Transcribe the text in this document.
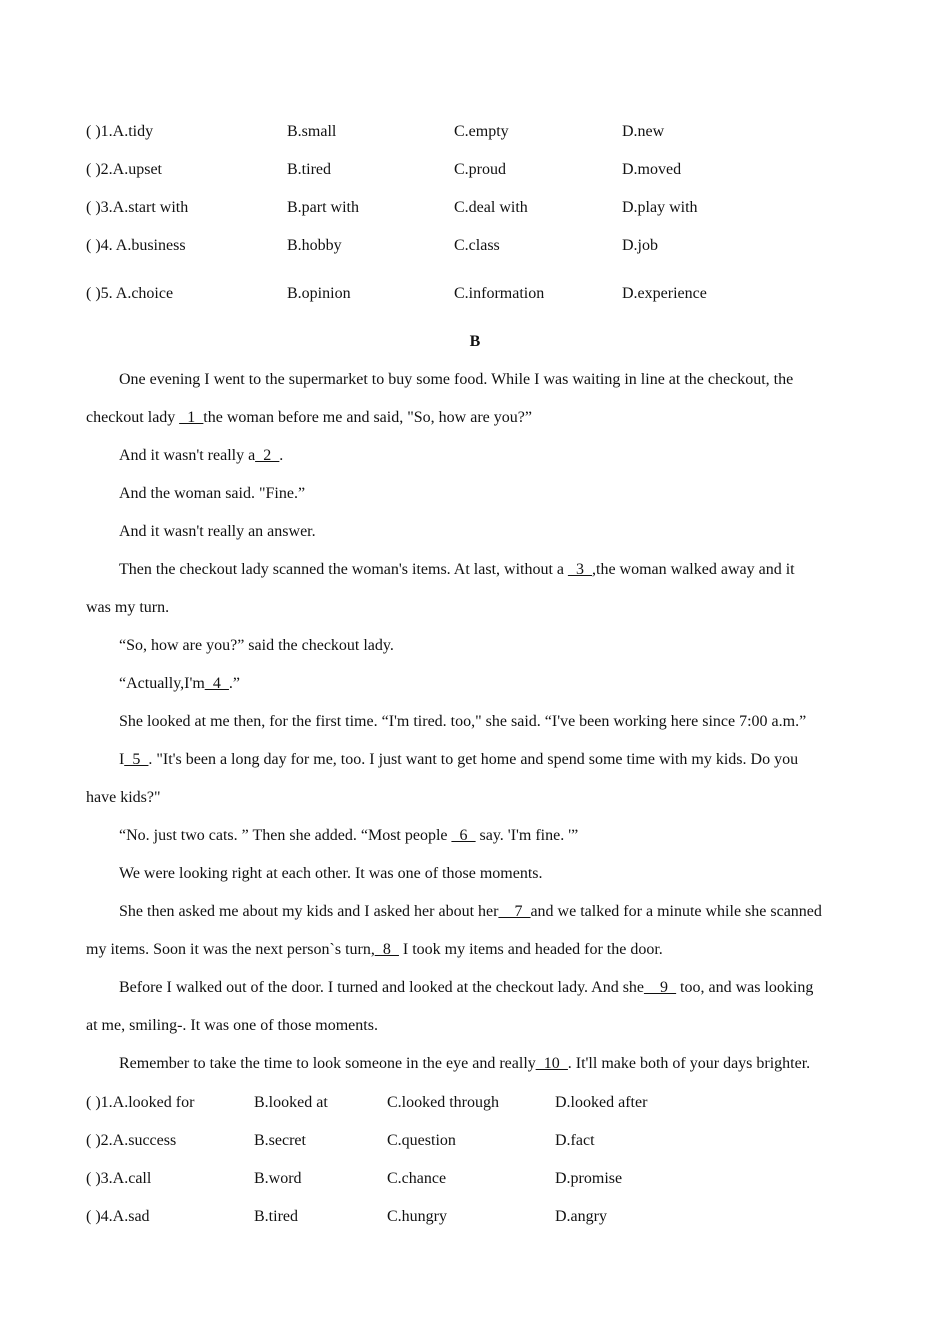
( )1.A.tidy	B.small	C.empty	D.new
( )2.A.upset	B.tired	C.proud	D.moved
( )3.A.start with	B.part with	C.deal with	D.play with
( )4. A.business	B.hobby	C.class	D.job
( )5. A.choice	B.opinion	C.information	D.experience
B
One evening I went to the supermarket to buy some food. While I was waiting in line at the checkout, the
checkout lady _1_the woman before me and said, "So, how are you?”
And it wasn't really a_2_.
And the woman said. "Fine.”
And it wasn't really an answer.
Then the checkout lady scanned the woman's items. At last, without a _3_,the woman walked away and it
was my turn.
“So, how are you?” said the checkout lady.
“Actually,I'm_4_.”
She looked at me then, for the first time. “I'm tired. too," she said. “I've been working here since 7:00 a.m.”
I_5_. "It's been a long day for me, too. I just want to get home and spend some time with my kids. Do you
have kids?"
“No. just two cats. ” Then she added. “Most people _6_ say. 'I'm fine. '”
We were looking right at each other. It was one of those moments.
She then asked me about my kids and I asked her about her__7_and we talked for a minute while she scanned
my items. Soon it was the next person`s turn,_8_ I took my items and headed for the door.
Before I walked out of the door. I turned and looked at the checkout lady. And she__9_ too, and was looking
at me, smiling-. It was one of those moments.
Remember to take the time to look someone in the eye and really_10_. It'll make both of your days brighter.
( )1.A.looked for	B.looked at	C.looked through	D.looked after
( )2.A.success	B.secret	C.question	D.fact
( )3.A.call	B.word	C.chance	D.promise
( )4.A.sad	B.tired	C.hungry	D.angry
